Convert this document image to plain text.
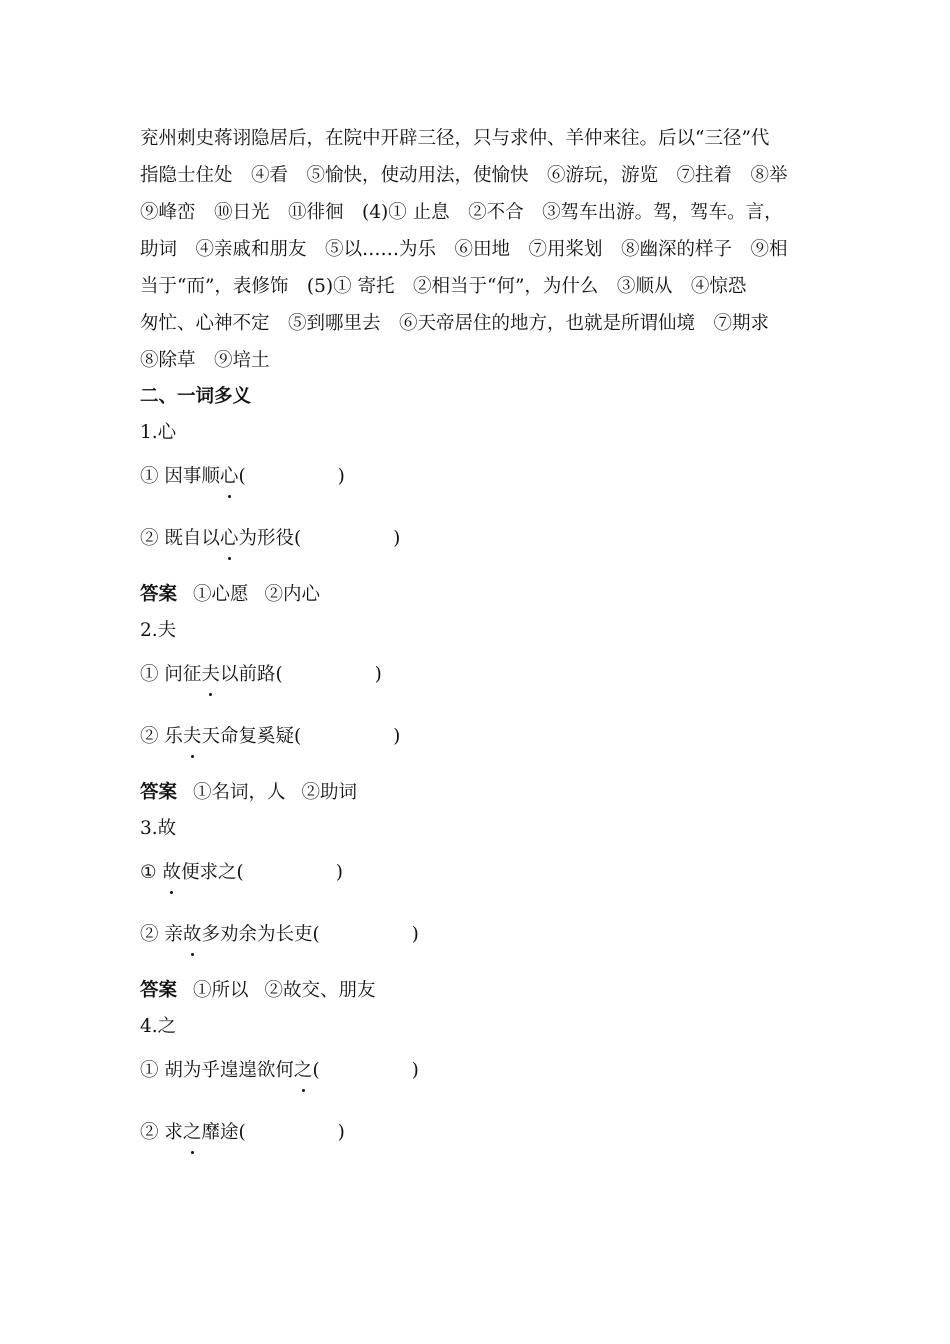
兖州刺史蒋诩隐居后，在院中开辟三径，只与求仲、羊仲来往。后以“三径”代

指隐士住处　④看　⑤愉快，使动用法，使愉快　⑥游玩，游览　⑦拄着　⑧举

⑨峰峦　⑩日光　⑪徘徊　(4)① 止息　②不合　③驾车出游。驾，驾车。言，

助词　④亲戚和朋友　⑤以……为乐　⑥田地　⑦用桨划　⑧幽深的样子　⑨相

当于“而”，表修饰　(5)① 寄托　②相当于“何”，为什么　③顺从　④惊恐

匆忙、心神不定　⑤到哪里去　⑥天帝居住的地方，也就是所谓仙境　⑦期求

⑧除草　⑨培土

二、一词多义

1.心

① 因事顺心(	)

② 既自以心为形役(	)

答案 ①心愿 ②内心

2.夫

① 问征夫以前路(	)

② 乐夫天命复奚疑(	)

答案 ①名词，人 ②助词

3.故

① 故便求之(	)

② 亲故多劝余为长吏(	)

答案 ①所以 ②故交、朋友

4.之

① 胡为乎遑遑欲何之(	)

② 求之靡途(	)
